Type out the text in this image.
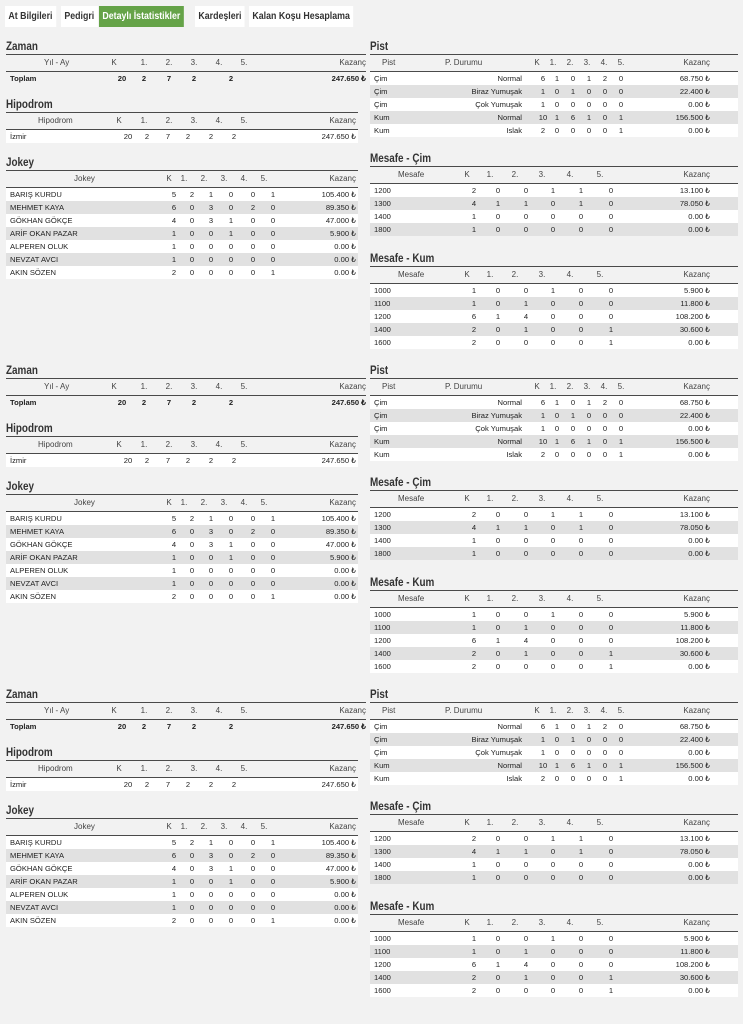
At Bilgileri	Pedigri Detaylı İstatistikler	Kardeşleri	Kalan Koşu Hesaplama
Zaman
Yıl - Ay	K	1. 2. 3. 4. 5.	Kazanç
Toplam	20 2	7	2	2	247.650 ₺
Hipodrom
Hipodrom	K 1. 2. 3. 4. 5.	Kazanç
İzmir	20 2 7 2 2 2	247.650 ₺
Jokey
Jokey	K 1. 2. 3. 4. 5.	Kazanç
BARIŞ KURDU	5 2 1 0 0 1	105.400 ₺
MEHMET KAYA	6 0 3 0 2 0	89.350 ₺
GÖKHAN GÖKÇE	4 0 3 1 0 0	47.000 ₺
ARİF OKAN PAZAR	1 0 0 1 0 0	5.900 ₺
ALPEREN OLUK	1 0 0 0 0 0	0.00 ₺
NEVZAT AVCI	1 0 0 0 0 0	0.00 ₺
AKIN SÖZEN	2 0 0 0 0 1	0.00 ₺
Pist
Pist	P. Durumu	K 1. 2. 3. 4. 5.	Kazanç
Çim	Normal 6 1 0 1 2 0	68.750 ₺
Çim	Biraz Yumuşak 1 0 1 0 0 0	22.400 ₺
Çim	Çok Yumuşak 1 0 0 0 0 0	0.00 ₺
Kum	Normal 10 1 6 1 0 1	156.500 ₺
Kum	Islak 2 0 0 0 0 1	0.00 ₺
Mesafe - Çim
Mesafe	K 1. 2.	3.	4.	5.	Kazanç
1200	2	0	0	1	1	0	13.100 ₺
1300	4	1	1	0	1	0	78.050 ₺
1400	1	0	0	0	0	0	0.00 ₺
1800	1	0	0	0	0	0	0.00 ₺
Mesafe - Kum
Mesafe	K 1. 2.	3.	4.	5.	Kazanç
1000	1	0	0	1	0	0	5.900 ₺
1100	1	0	1	0	0	0	11.800 ₺
1200	6	1	4	0	0	0	108.200 ₺
1400	2	0	1	0	0	1	30.600 ₺
1600	2	0	0	0	0	1	0.00 ₺
Zaman
Yıl - Ay	K	1. 2. 3. 4. 5.	Kazanç
Toplam	20 2	7	2	2	247.650 ₺
Hipodrom
Hipodrom	K 1. 2. 3. 4. 5.	Kazanç
İzmir	20 2 7 2 2 2	247.650 ₺
Jokey
Jokey	K 1. 2. 3. 4. 5.	Kazanç
BARIŞ KURDU	5 2 1 0 0 1	105.400 ₺
MEHMET KAYA	6 0 3 0 2 0	89.350 ₺
GÖKHAN GÖKÇE	4 0 3 1 0 0	47.000 ₺
ARİF OKAN PAZAR	1 0 0 1 0 0	5.900 ₺
ALPEREN OLUK	1 0 0 0 0 0	0.00 ₺
NEVZAT AVCI	1 0 0 0 0 0	0.00 ₺
AKIN SÖZEN	2 0 0 0 0 1	0.00 ₺
Pist
Pist	P. Durumu	K 1. 2. 3. 4. 5.	Kazanç
Çim	Normal 6 1 0 1 2 0	68.750 ₺
Çim	Biraz Yumuşak 1 0 1 0 0 0	22.400 ₺
Çim	Çok Yumuşak 1 0 0 0 0 0	0.00 ₺
Kum	Normal 10 1 6 1 0 1	156.500 ₺
Kum	Islak 2 0 0 0 0 1	0.00 ₺
Mesafe - Çim
Mesafe	K 1. 2.	3.	4.	5.	Kazanç
1200	2	0	0	1	1	0	13.100 ₺
1300	4	1	1	0	1	0	78.050 ₺
1400	1	0	0	0	0	0	0.00 ₺
1800	1	0	0	0	0	0	0.00 ₺
Mesafe - Kum
Mesafe	K 1. 2.	3.	4.	5.	Kazanç
1000	1	0	0	1	0	0	5.900 ₺
1100	1	0	1	0	0	0	11.800 ₺
1200	6	1	4	0	0	0	108.200 ₺
1400	2	0	1	0	0	1	30.600 ₺
1600	2	0	0	0	0	1	0.00 ₺
Zaman
Yıl - Ay	K	1. 2. 3. 4. 5.	Kazanç
Toplam	20 2	7	2	2	247.650 ₺
Hipodrom
Hipodrom	K 1. 2. 3. 4. 5.	Kazanç
İzmir	20 2 7 2 2 2	247.650 ₺
Jokey
Jokey	K 1. 2. 3. 4. 5.	Kazanç
BARIŞ KURDU	5 2 1 0 0 1	105.400 ₺
MEHMET KAYA	6 0 3 0 2 0	89.350 ₺
GÖKHAN GÖKÇE	4 0 3 1 0 0	47.000 ₺
ARİF OKAN PAZAR	1 0 0 1 0 0	5.900 ₺
ALPEREN OLUK	1 0 0 0 0 0	0.00 ₺
NEVZAT AVCI	1 0 0 0 0 0	0.00 ₺
AKIN SÖZEN	2 0 0 0 0 1	0.00 ₺
Pist
Pist	P. Durumu	K 1. 2. 3. 4. 5.	Kazanç
Çim	Normal 6 1 0 1 2 0	68.750 ₺
Çim	Biraz Yumuşak 1 0 1 0 0 0	22.400 ₺
Çim	Çok Yumuşak 1 0 0 0 0 0	0.00 ₺
Kum	Normal 10 1 6 1 0 1	156.500 ₺
Kum	Islak 2 0 0 0 0 1	0.00 ₺
Mesafe - Çim
Mesafe	K 1. 2.	3.	4.	5.	Kazanç
1200	2	0	0	1	1	0	13.100 ₺
1300	4	1	1	0	1	0	78.050 ₺
1400	1	0	0	0	0	0	0.00 ₺
1800	1	0	0	0	0	0	0.00 ₺
Mesafe - Kum
Mesafe	K 1. 2.	3.	4.	5.	Kazanç
1000	1	0	0	1	0	0	5.900 ₺
1100	1	0	1	0	0	0	11.800 ₺
1200	6	1	4	0	0	0	108.200 ₺
1400	2	0	1	0	0	1	30.600 ₺
1600	2	0	0	0	0	1	0.00 ₺
